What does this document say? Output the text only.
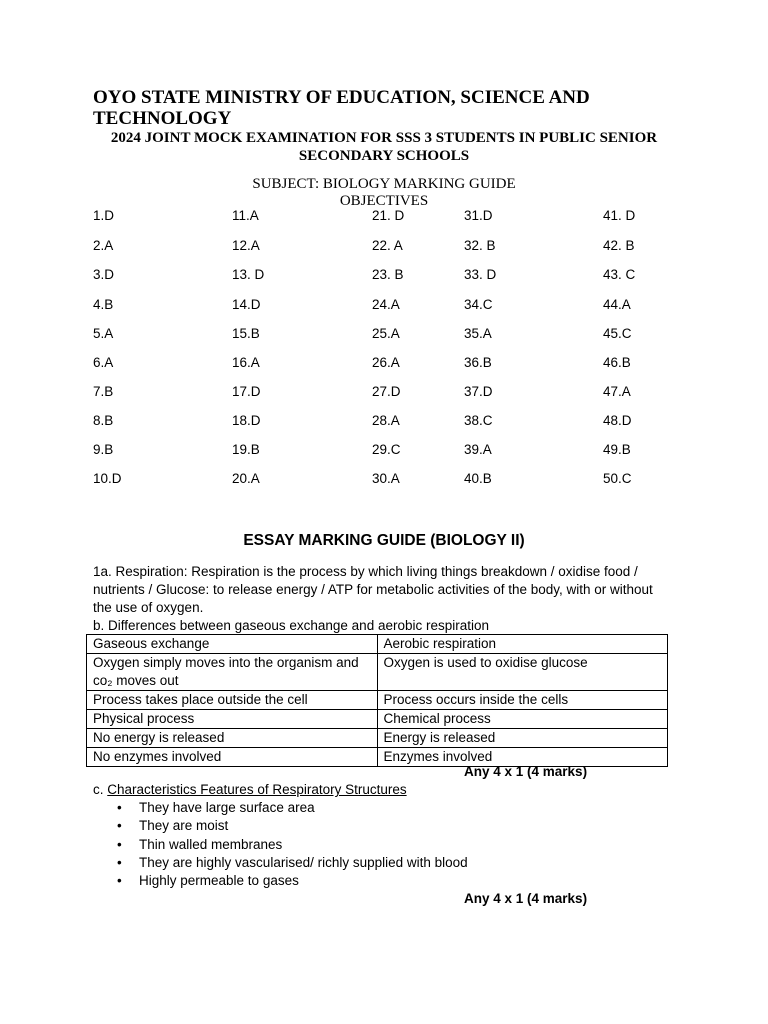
OYO STATE MINISTRY OF EDUCATION, SCIENCE AND TECHNOLOGY
2024 JOINT MOCK EXAMINATION FOR SSS 3 STUDENTS IN PUBLIC SENIOR
SECONDARY SCHOOLS
SUBJECT: BIOLOGY MARKING GUIDE
OBJECTIVES
1.D	11.A	21. D	31.D	41. D
2.A	12.A	22. A	32. B	42. B
3.D	13. D	23. B	33. D	43. C
4.B	14.D	24.A	34.C	44.A
5.A	15.B	25.A	35.A	45.C
6.A	16.A	26.A	36.B	46.B
7.B	17.D	27.D	37.D	47.A
8.B	18.D	28.A	38.C	48.D
9.B	19.B	29.C	39.A	49.B
10.D	20.A	30.A	40.B	50.C
ESSAY MARKING GUIDE (BIOLOGY II)
1a. Respiration: Respiration is the process by which living things breakdown / oxidise food / nutrients / Glucose: to release energy / ATP for metabolic activities of the body, with or without the use of oxygen.
b. Differences between gaseous exchange and aerobic respiration
Gaseous exchange	Aerobic respiration
Oxygen simply moves into the organism and co₂ moves out	Oxygen is used to oxidise glucose
Process takes place outside the cell	Process occurs inside the cells
Physical process	Chemical process
No energy is released	Energy is released
No enzymes involved	Enzymes involved
Any 4 x 1 (4 marks)
c. Characteristics Features of Respiratory Structures
• They have large surface area
• They are moist
• Thin walled membranes
• They are highly vascularised/ richly supplied with blood
• Highly permeable to gases
Any 4 x 1 (4 marks)
